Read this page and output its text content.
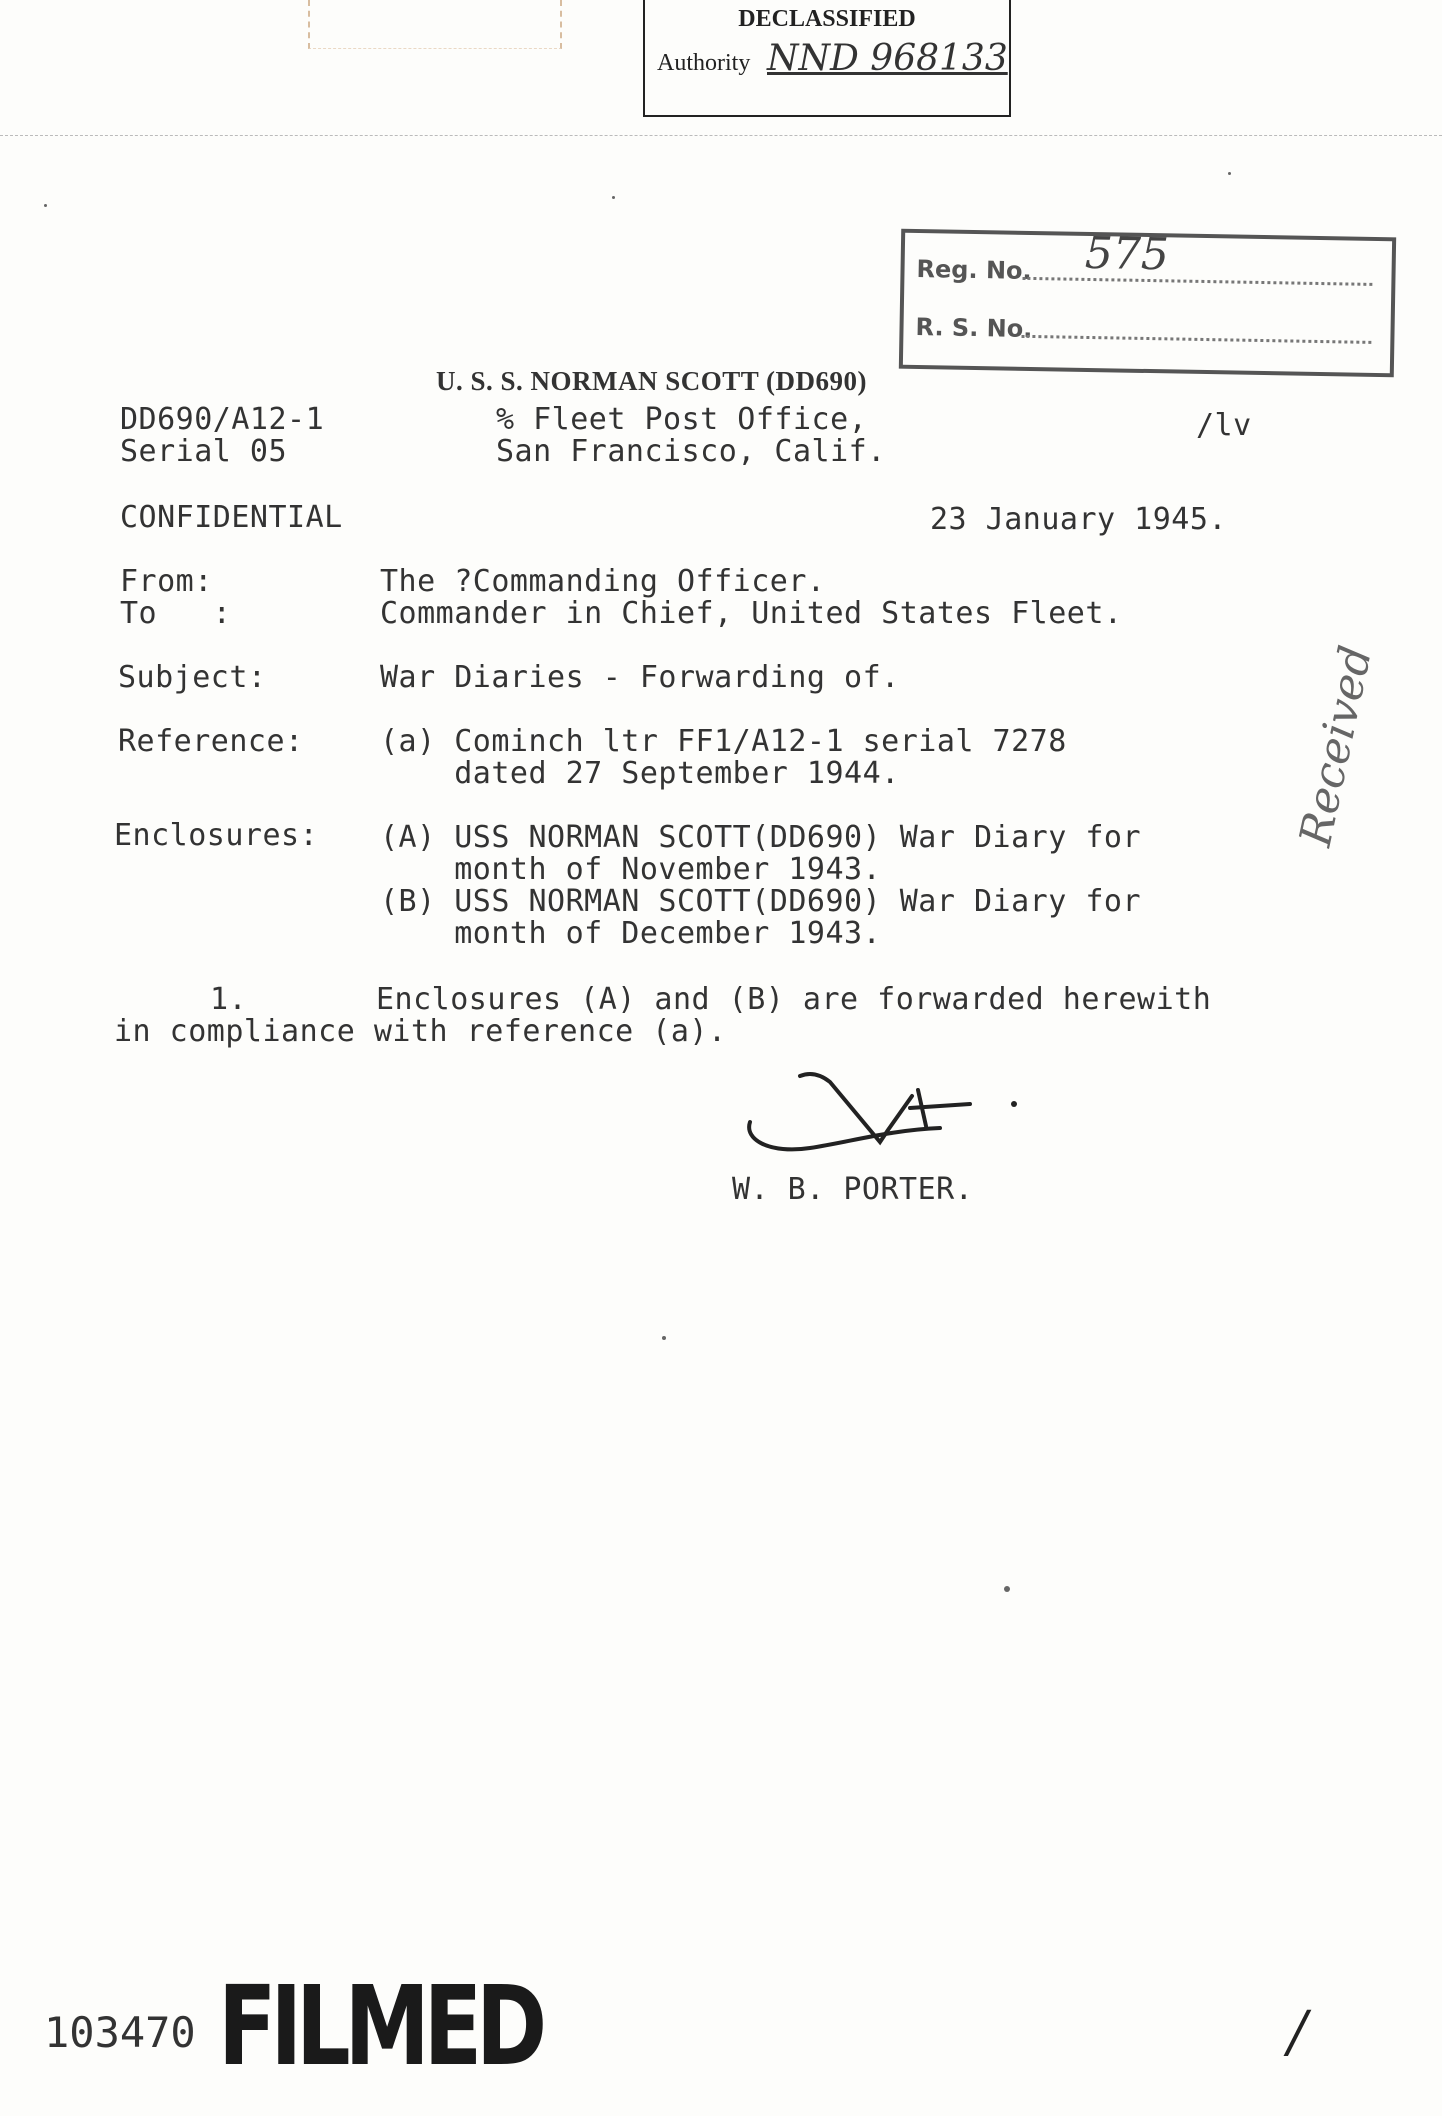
DECLASSIFIED
Authority NND 968133
Reg. No. 575
R. S. No.
U. S. S. NORMAN SCOTT (DD690)
DD690/A12-1
Serial 05
% Fleet Post Office,
San Francisco, Calif.
/lv
CONFIDENTIAL	23 January 1945.
From:	The ?Commanding Officer.
To   :	Commander in Chief, United States Fleet.
Subject:	War Diaries - Forwarding of.
Reference:	(a) Cominch ltr FF1/A12-1 serial 7278
dated 27 September 1944.
Enclosures: (A) USS NORMAN SCOTT(DD690) War Diary for
month of November 1943.
(B) USS NORMAN SCOTT(DD690) War Diary for
month of December 1943.
1.	Enclosures (A) and (B) are forwarded herewith
in compliance with reference (a).
W. B. PORTER.
Received
103470 FILMED	/
